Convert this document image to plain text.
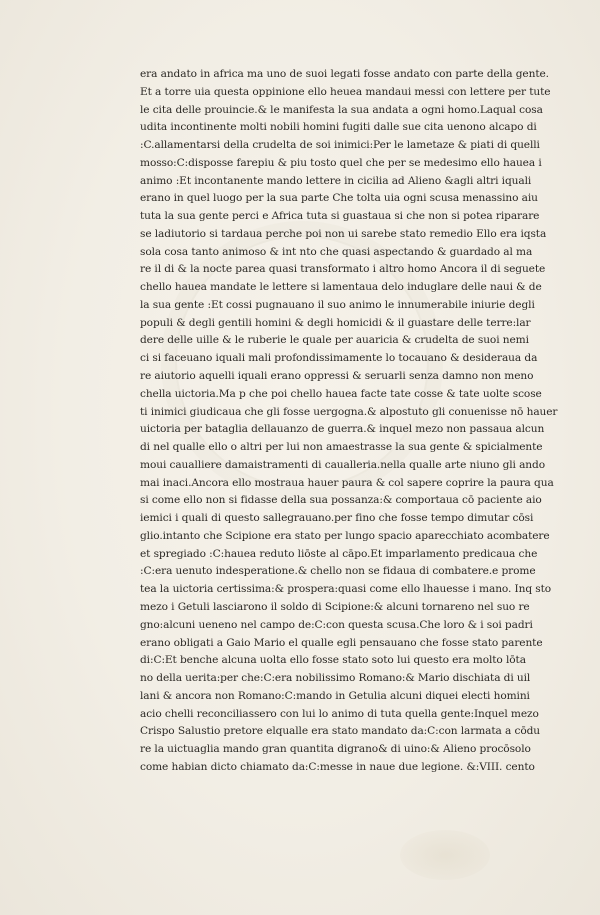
era andato in africa ma uno de suoi legati fosse andato con parte della gente.
Et a torre uia questa oppinione ello heuea mandaui messi con lettere per tute
le cita delle prouincie.& le manifesta la sua andata a ogni homo.Laqual cosa
udita incontinente molti nobili homini fugiti dalle sue cita uenono alcapo di
:C.allamentarsi della crudelta de soi inimici:Per le lametaze & piati di quelli
mosso:C:disposse farepiu & piu tosto quel che per se medesimo ello hauea i
animo :Et incontanente mando lettere in cicilia ad Alieno &agli altri iquali
erano in quel luogo per la sua parte Che tolta uia ogni scusa menassino aiu
tuta la sua gente perci e Africa tuta si guastaua si che non si potea riparare
se ladiutorio si tardaua perche poi non ui sarebe stato remedio Ello era iqsta
sola cosa tanto animoso & int nto che quasi aspectando & guardado al ma
re il di & la nocte parea quasi transformato i altro homo Ancora il di seguete
chello hauea mandate le lettere si lamentaua delo induglare delle naui & de
la sua gente :Et cossi pugnauano il suo animo le innumerabile iniurie degli
populi & degli gentili homini & degli homicidi & il guastare delle terre:lar
dere delle uille & le ruberie le quale per auaricia & crudelta de suoi nemi
ci si faceuano iquali mali profondissimamente lo tocauano & desideraua da
re aiutorio aquelli iquali erano oppressi & seruarli senza damno non meno
chella uictoria.Ma p che poi chello hauea facte tate cosse & tate uolte scose
ti inimici giudicaua che gli fosse uergogna.& alpostuto gli conuenisse nō hauer
uictoria per bataglia dellauanzo de guerra.& inquel mezo non passaua alcun
di nel qualle ello o altri per lui non amaestrasse la sua gente & spicialmente
moui caualliere damaistramenti di caualleria.nella qualle arte niuno gli ando
mai inaci.Ancora ello mostraua hauer paura & col sapere coprire la paura qua
si come ello non si fidasse della sua possanza:& comportaua cō paciente aio
iemici i quali di questo sallegrauano.per fino che fosse tempo dimutar cōsi
glio.intanto che Scipione era stato per lungo spacio aparecchiato acombatere
et spregiado :C:hauea reduto liōste al cāpo.Et imparlamento predicaua che
:C:era uenuto indesperatione.& chello non se fidaua di combatere.e prome
tea la uictoria certissima:& prospera:quasi come ello lhauesse i mano. Inq sto
mezo i Getuli lasciarono il soldo di Scipione:& alcuni tornareno nel suo re
gno:alcuni ueneno nel campo de:C:con questa scusa.Che loro & i soi padri
erano obligati a Gaio Mario el qualle egli pensauano che fosse stato parente
di:C:Et benche alcuna uolta ello fosse stato soto lui questo era molto lōta
no della uerita:per che:C:era nobilissimo Romano:& Mario dischiata di uil
lani & ancora non Romano:C:mando in Getulia alcuni diquei electi homini
acio chelli reconciliassero con lui lo animo di tuta quella gente:Inquel mezo
Crispo Salustio pretore elqualle era stato mandato da:C:con larmata a cōdu
re la uictuaglia mando gran quantita digrano& di uino:& Alieno procōsolo
come habian dicto chiamato da:C:messe in naue due legione. &:VIII. cento
